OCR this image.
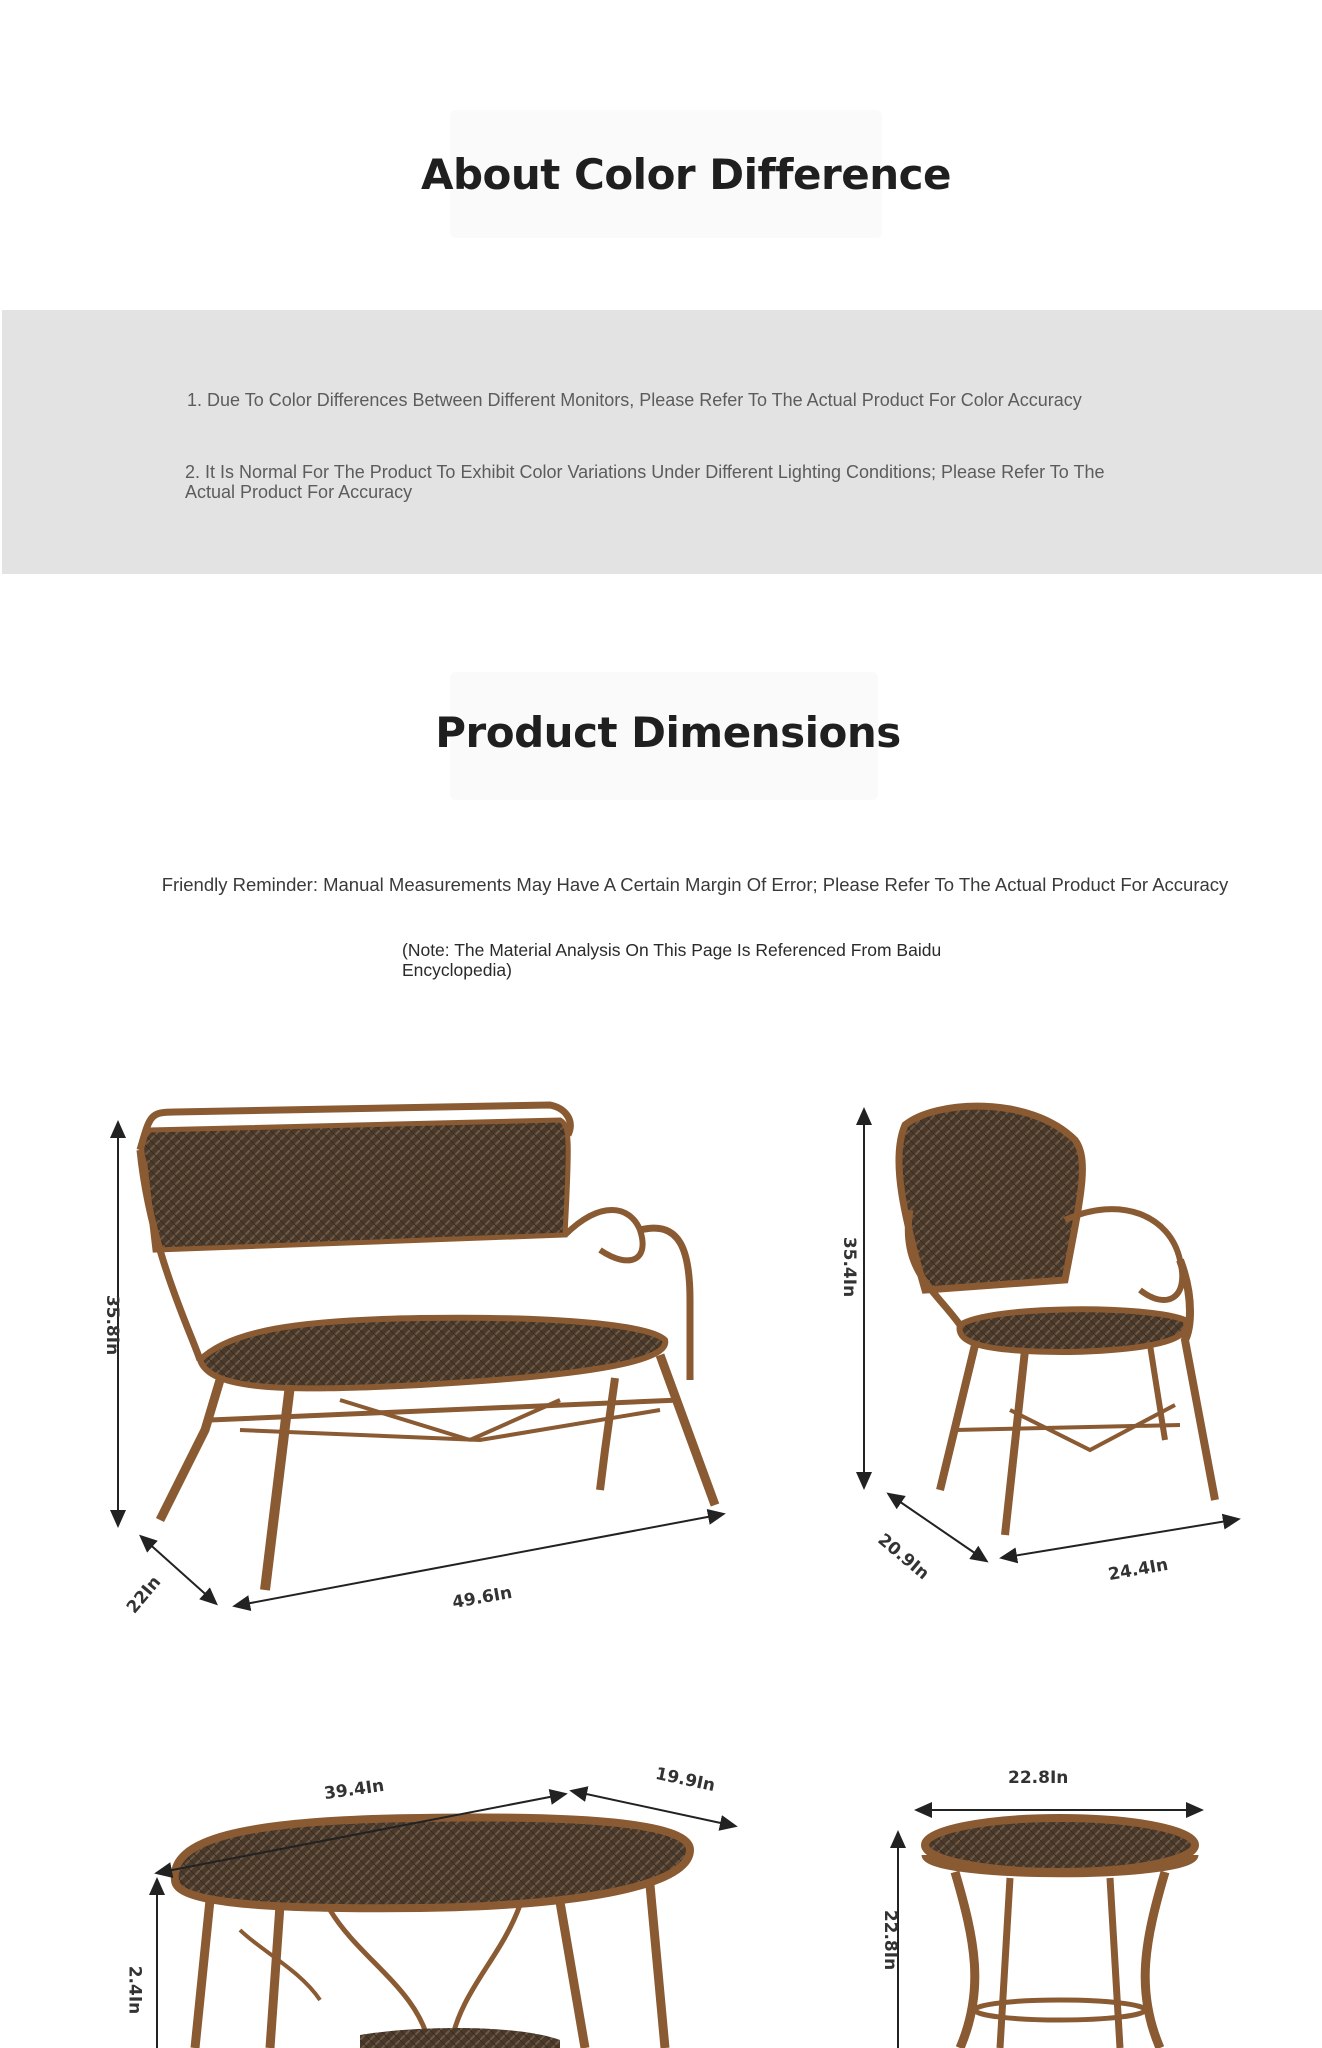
About Color Difference

1. Due To Color Differences Between Different Monitors, Please Refer To The Actual Product For Color Accuracy

2. It Is Normal For The Product To Exhibit Color Variations Under Different Lighting Conditions; Please Refer To The Actual Product For Accuracy

Product Dimensions

Friendly Reminder: Manual Measurements May Have A Certain Margin Of Error; Please Refer To The Actual Product For Accuracy

(Note: The Material Analysis On This Page Is Referenced From Baidu Encyclopedia)

35.8In
22In	49.6In
35.4In
20.9In	24.4In
39.4In	19.9In
2.4In
22.8In
22.8In
